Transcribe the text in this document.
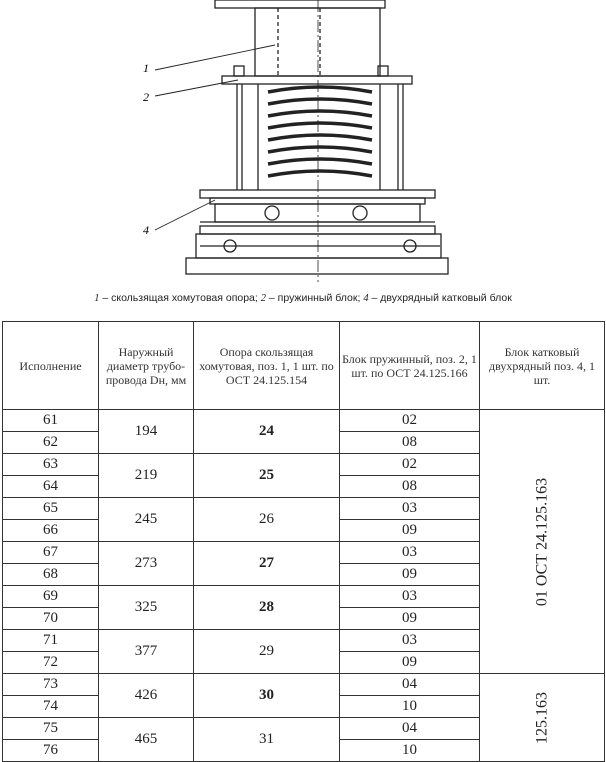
1
2
4
1 – скользящая хомутовая опора; 2 – пружинный блок; 4 – двухрядный катковый блок
Исполнение	Наружный диаметр трубо-провода Dн, мм	Опора скользящая хомутовая, поз. 1, 1 шт. по ОСТ 24.125.154	Блок пружинный, поз. 2, 1 шт. по ОСТ 24.125.166	Блок катковый двухрядный поз. 4, 1 шт.
61	194	24	02	01 ОСТ 24.125.163

62			08	
63	219	25	02	
64			08	
65	245	26	03	
66			09	
67	273	27	03	
68			09	
69	325	28	03	
70			09	
71	377	29	03	
72			09	
73	426	30	04	125.163

74			10	
75	465	31	04	
76			10	
